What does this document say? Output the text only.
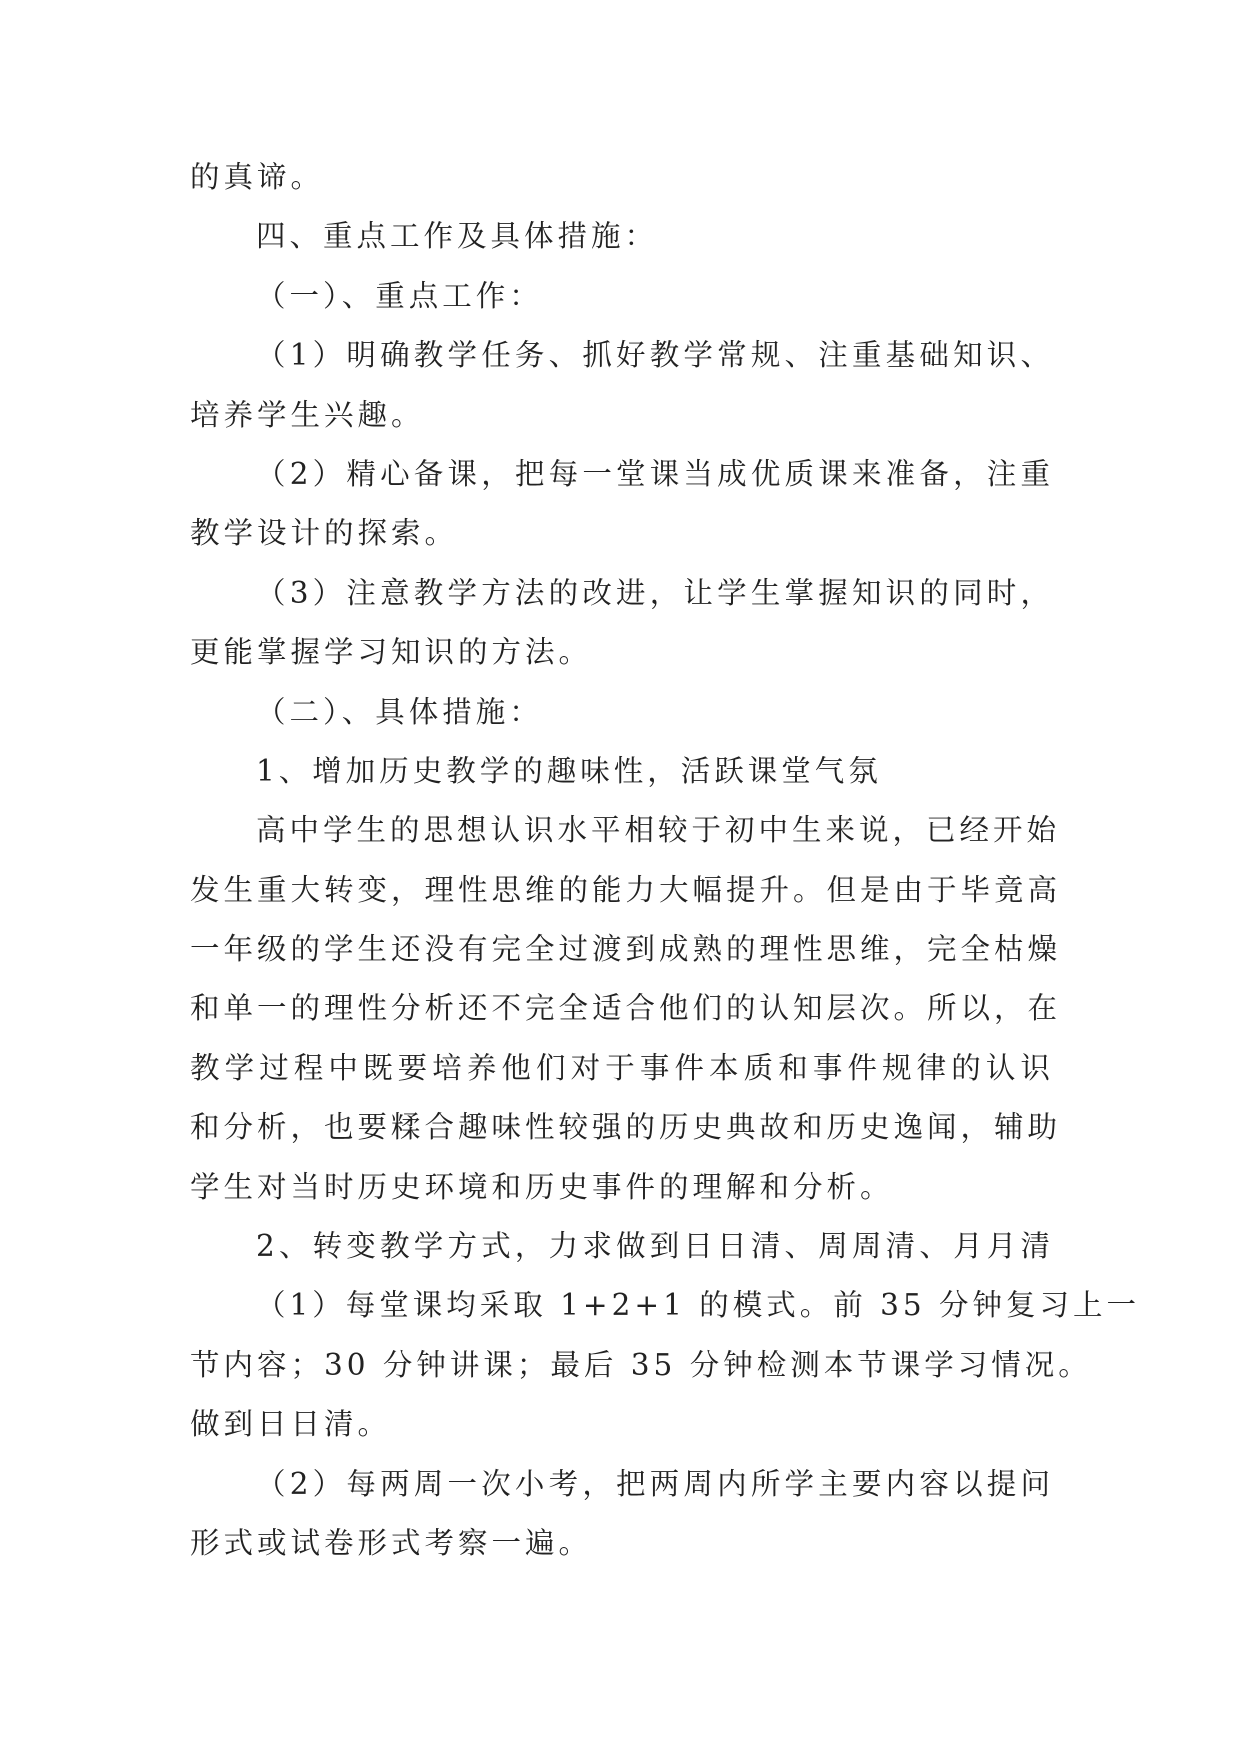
的真谛。

四、重点工作及具体措施：

（一）、重点工作：

（1）明确教学任务、抓好教学常规、注重基础知识、

培养学生兴趣。

（2）精心备课，把每一堂课当成优质课来准备，注重

教学设计的探索。

（3）注意教学方法的改进，让学生掌握知识的同时，

更能掌握学习知识的方法。

（二）、具体措施：

1、增加历史教学的趣味性，活跃课堂气氛

高中学生的思想认识水平相较于初中生来说，已经开始

发生重大转变，理性思维的能力大幅提升。但是由于毕竟高

一年级的学生还没有完全过渡到成熟的理性思维，完全枯燥

和单一的理性分析还不完全适合他们的认知层次。所以，在

教学过程中既要培养他们对于事件本质和事件规律的认识

和分析，也要糅合趣味性较强的历史典故和历史逸闻，辅助

学生对当时历史环境和历史事件的理解和分析。

2、转变教学方式，力求做到日日清、周周清、月月清

（1）每堂课均采取 1+2+1 的模式。前 35 分钟复习上一

节内容；30 分钟讲课；最后 35 分钟检测本节课学习情况。

做到日日清。

（2）每两周一次小考，把两周内所学主要内容以提问

形式或试卷形式考察一遍。
